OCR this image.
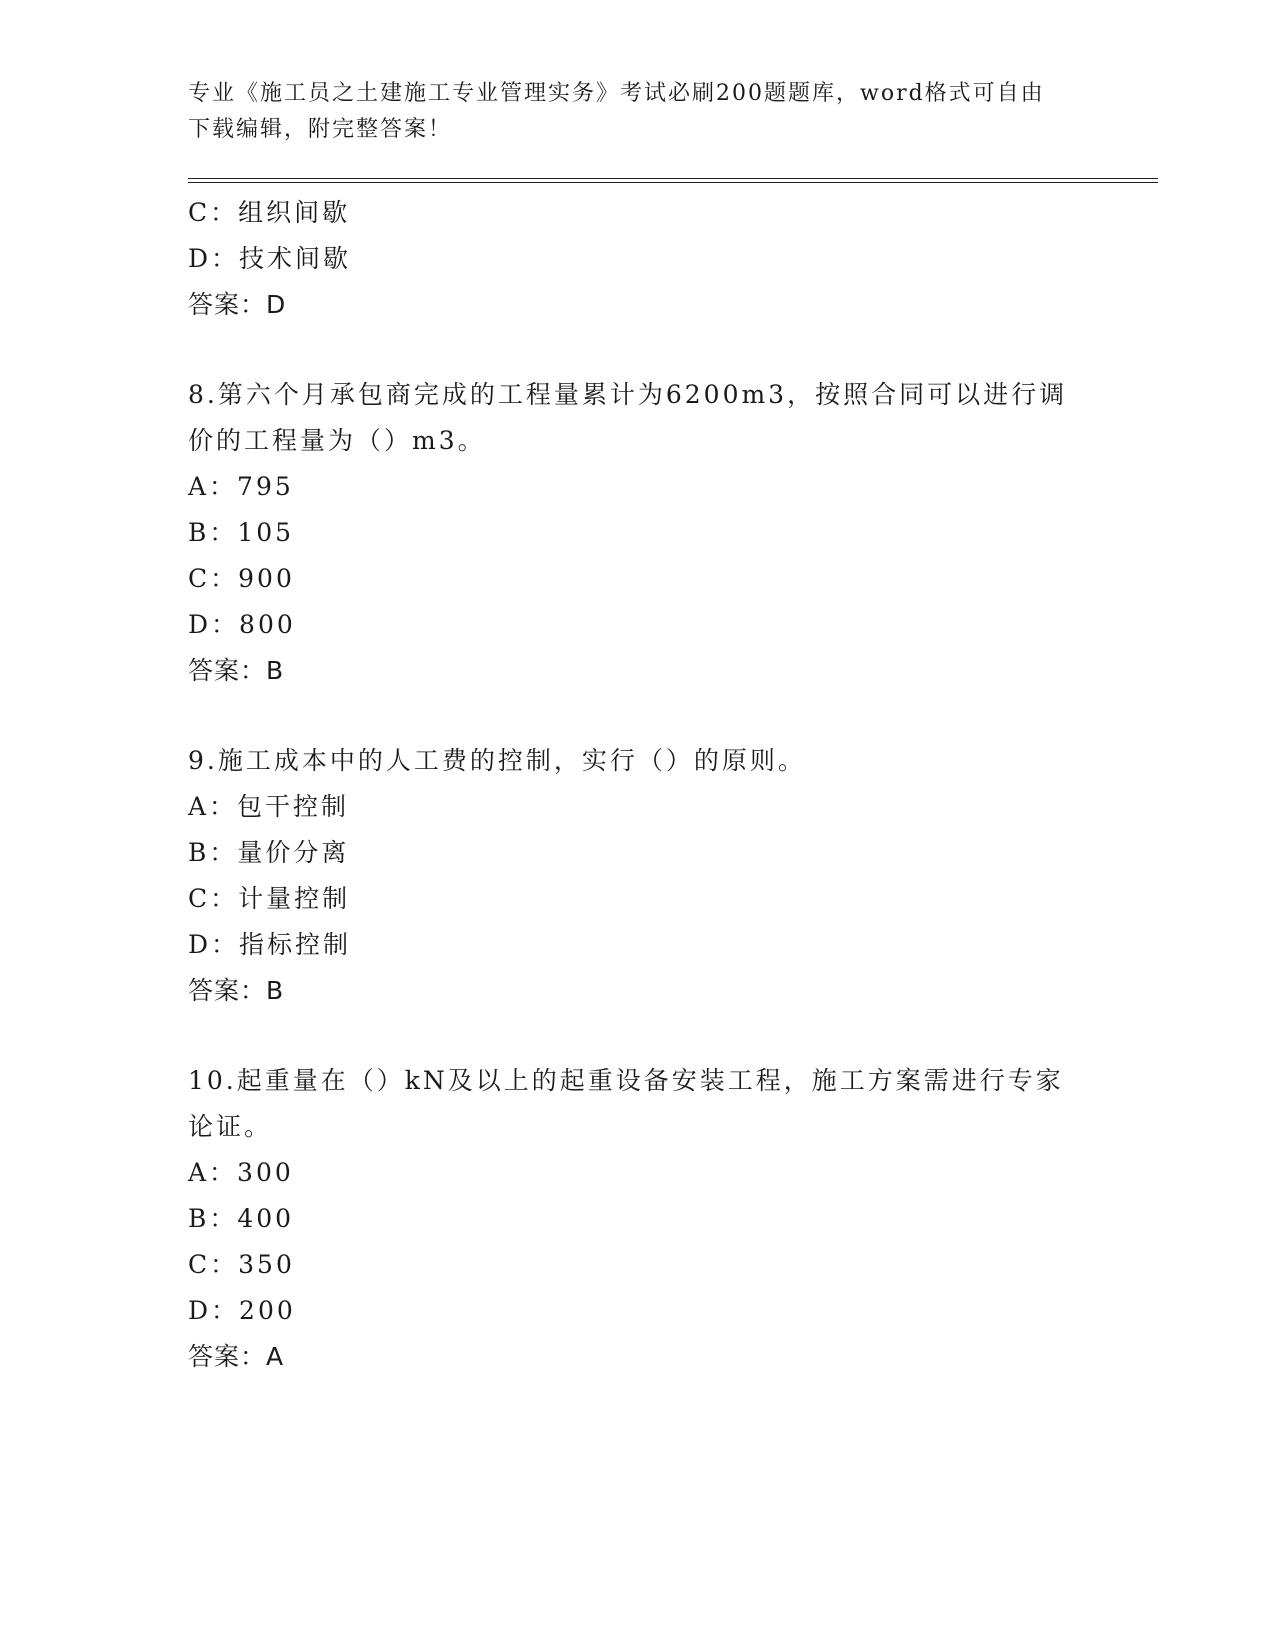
专业《施工员之土建施工专业管理实务》考试必刷200题题库，word格式可自由
下载编辑，附完整答案！
C：组织间歇
D：技术间歇
答案：D
8.第六个月承包商完成的工程量累计为6200m3，按照合同可以进行调
价的工程量为（）m3。
A：795
B：105
C：900
D：800
答案：B
9.施工成本中的人工费的控制，实行（）的原则。
A：包干控制
B：量价分离
C：计量控制
D：指标控制
答案：B
10.起重量在（）kN及以上的起重设备安装工程，施工方案需进行专家
论证。
A：300
B：400
C：350
D：200
答案：A
